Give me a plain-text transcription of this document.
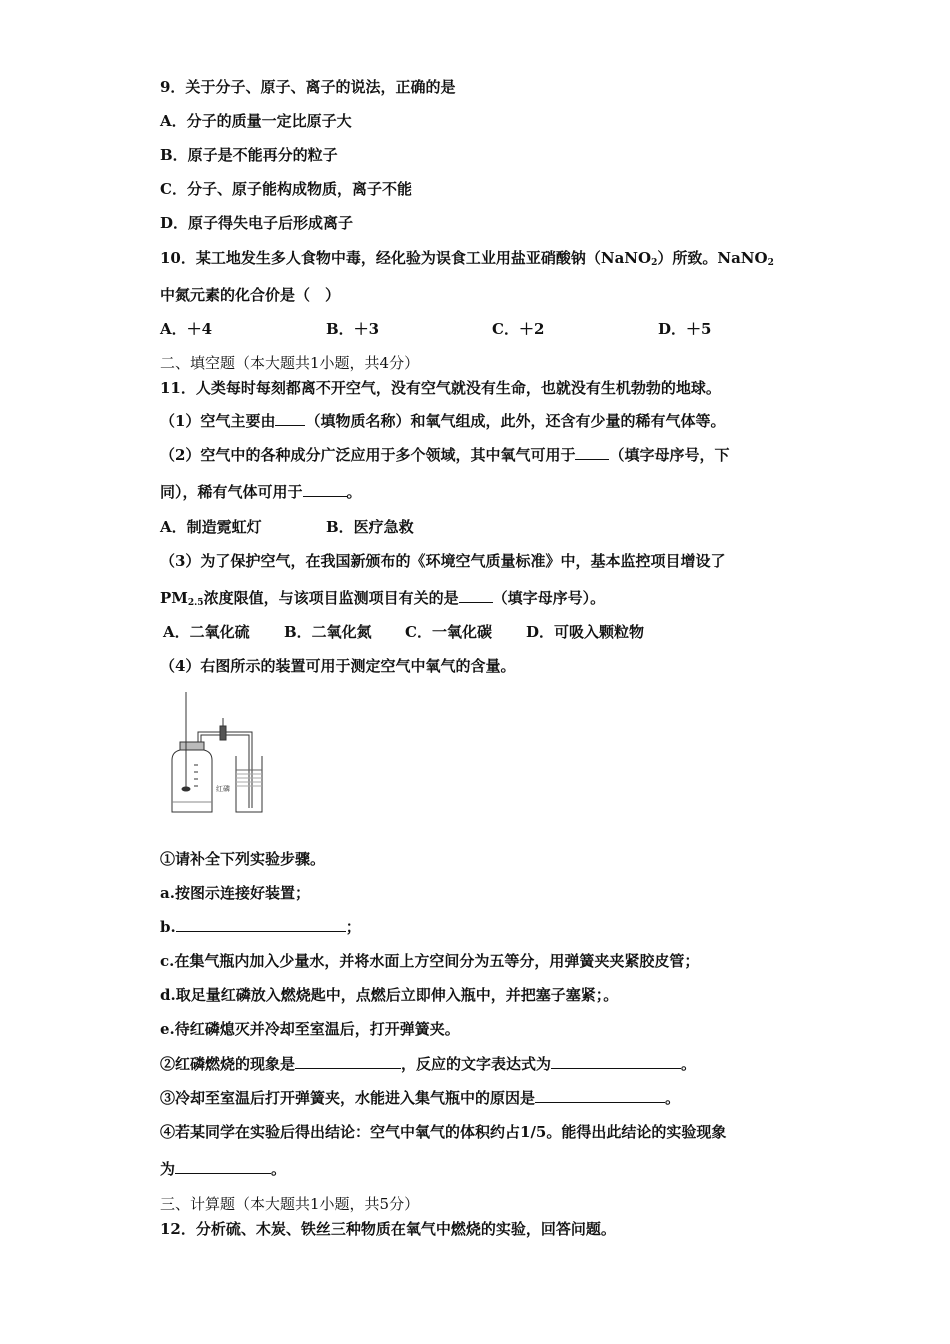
9．关于分子、原子、离子的说法，正确的是
A．分子的质量一定比原子大
B．原子是不能再分的粒子
C．分子、原子能构成物质，离子不能
D．原子得失电子后形成离子
10．某工地发生多人食物中毒，经化验为误食工业用盐亚硝酸钠（NaNO$_2$）所致。NaNO$_2$
中氮元素的化合价是（　）
A．＋4	B．＋3	C．＋2	D．＋5
二、填空题（本大题共1小题，共4分）
11．人类每时每刻都离不开空气，没有空气就没有生命，也就没有生机勃勃的地球。
（1）空气主要由 （填物质名称）和氧气组成，此外，还含有少量的稀有气体等。
（2）空气中的各种成分广泛应用于多个领域，其中氧气可用于 （填字母序号，下
同），稀有气体可用于	。
A．制造霓虹灯	B．医疗急救
（3）为了保护空气，在我国新颁布的《环境空气质量标准》中，基本监控项目增设了
$PM_{2.5}$浓度限值，与该项目监测项目有关的是 （填字母序号）。
A．二氧化硫 B．二氧化氮 C．一氧化碳 D．可吸入颗粒物
（4）右图所示的装置可用于测定空气中氧气的含量。
红磷
①请补全下列实验步骤。
a.按图示连接好装置；
b.	；
c.在集气瓶内加入少量水，并将水面上方空间分为五等分，用弹簧夹夹紧胶皮管；
d.取足量红磷放入燃烧匙中，点燃后立即伸入瓶中，并把塞子塞紧；。
e.待红磷熄灭并冷却至室温后，打开弹簧夹。
②红磷燃烧的现象是	，反应的文字表达式为	。
③冷却至室温后打开弹簧夹，水能进入集气瓶中的原因是	。
④若某同学在实验后得出结论：空气中氧气的体积约占1/5。能得出此结论的实验现象
为	。
三、计算题（本大题共1小题，共5分）
12．分析硫、木炭、铁丝三种物质在氧气中燃烧的实验，回答问题。
